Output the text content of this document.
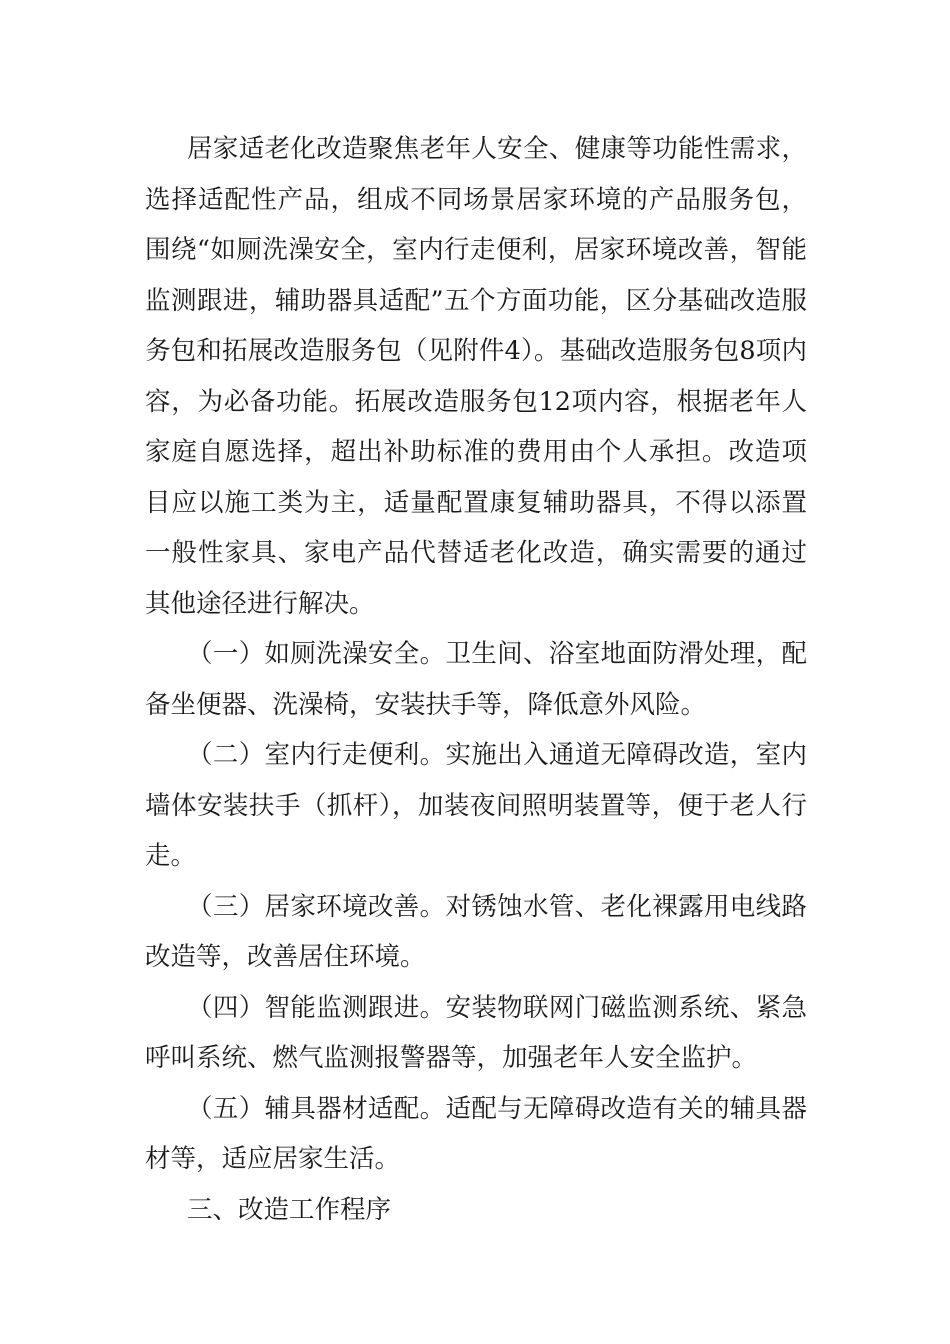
居家适老化改造聚焦老年人安全、健康等功能性需求，选择适配性产品，组成不同场景居家环境的产品服务包，围绕“如厕洗澡安全，室内行走便利，居家环境改善，智能监测跟进，辅助器具适配”五个方面功能，区分基础改造服务包和拓展改造服务包（见附件4）。基础改造服务包8项内容，为必备功能。拓展改造服务包12项内容，根据老年人家庭自愿选择，超出补助标准的费用由个人承担。改造项目应以施工类为主，适量配置康复辅助器具，不得以添置一般性家具、家电产品代替适老化改造，确实需要的通过其他途径进行解决。

（一）如厕洗澡安全。卫生间、浴室地面防滑处理，配备坐便器、洗澡椅，安装扶手等，降低意外风险。

（二）室内行走便利。实施出入通道无障碍改造，室内墙体安装扶手（抓杆），加装夜间照明装置等，便于老人行走。

（三）居家环境改善。对锈蚀水管、老化裸露用电线路改造等，改善居住环境。

（四）智能监测跟进。安装物联网门磁监测系统、紧急呼叫系统、燃气监测报警器等，加强老年人安全监护。

（五）辅具器材适配。适配与无障碍改造有关的辅具器材等，适应居家生活。

三、改造工作程序
